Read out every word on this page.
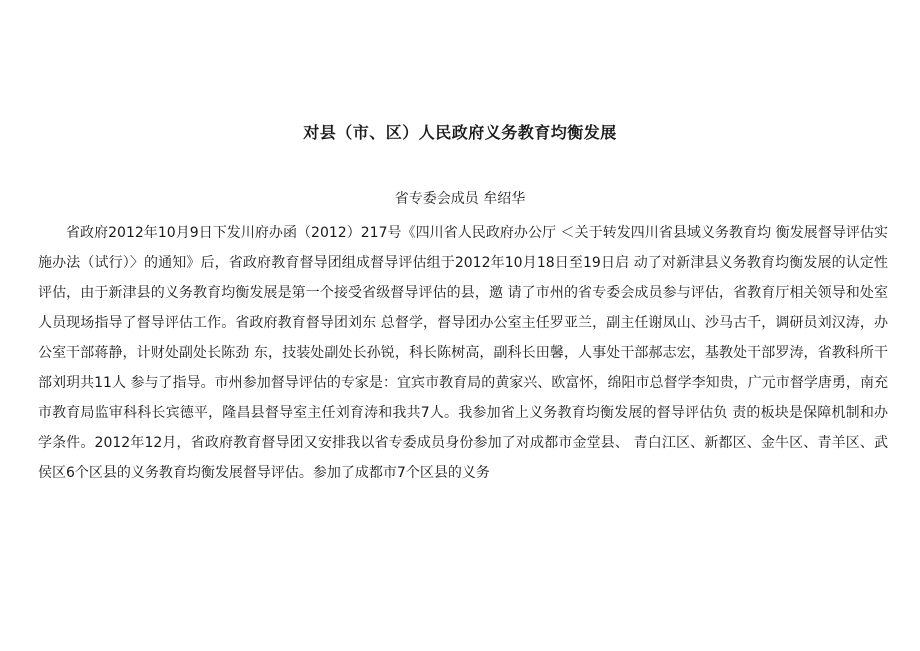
对县（市、区）人民政府义务教育均衡发展

省专委会成员 牟绍华

省政府2012年10月9日下发川府办函（2012）217号《四川省人民政府办公厅 ＜关于转发四川省县域义务教育均 衡发展督导评估实施办法（试行）〉的通知》后，省政府教育督导团组成督导评估组于2012年10月18日至19日启 动了对新津县义务教育均衡发展的认定性评估，由于新津县的义务教育均衡发展是第一个接受省级督导评估的县，邀 请了市州的省专委会成员参与评估，省教育厅相关领导和处室人员现场指导了督导评估工作。省政府教育督导团刘东 总督学，督导团办公室主任罗亚兰，副主任谢凤山、沙马古千，调研员刘汉涛，办公室干部蒋静，计财处副处长陈劲 东，技装处副处长孙锐，科长陈树高，副科长田馨，人事处干部郝志宏，基教处干部罗涛，省教科所干部刘玥共11人 参与了指导。市州参加督导评估的专家是：宜宾市教育局的黄家兴、欧富怀，绵阳市总督学李知贵，广元市督学唐勇，南充市教育局监审科科长宾德平，隆昌县督导室主任刘育涛和我共7人。我参加省上义务教育均衡发展的督导评估负 责的板块是保障机制和办学条件。2012年12月，省政府教育督导团又安排我以省专委成员身份参加了对成都市金堂县、 青白江区、新都区、金牛区、青羊区、武侯区6个区县的义务教育均衡发展督导评估。参加了成都市7个区县的义务
